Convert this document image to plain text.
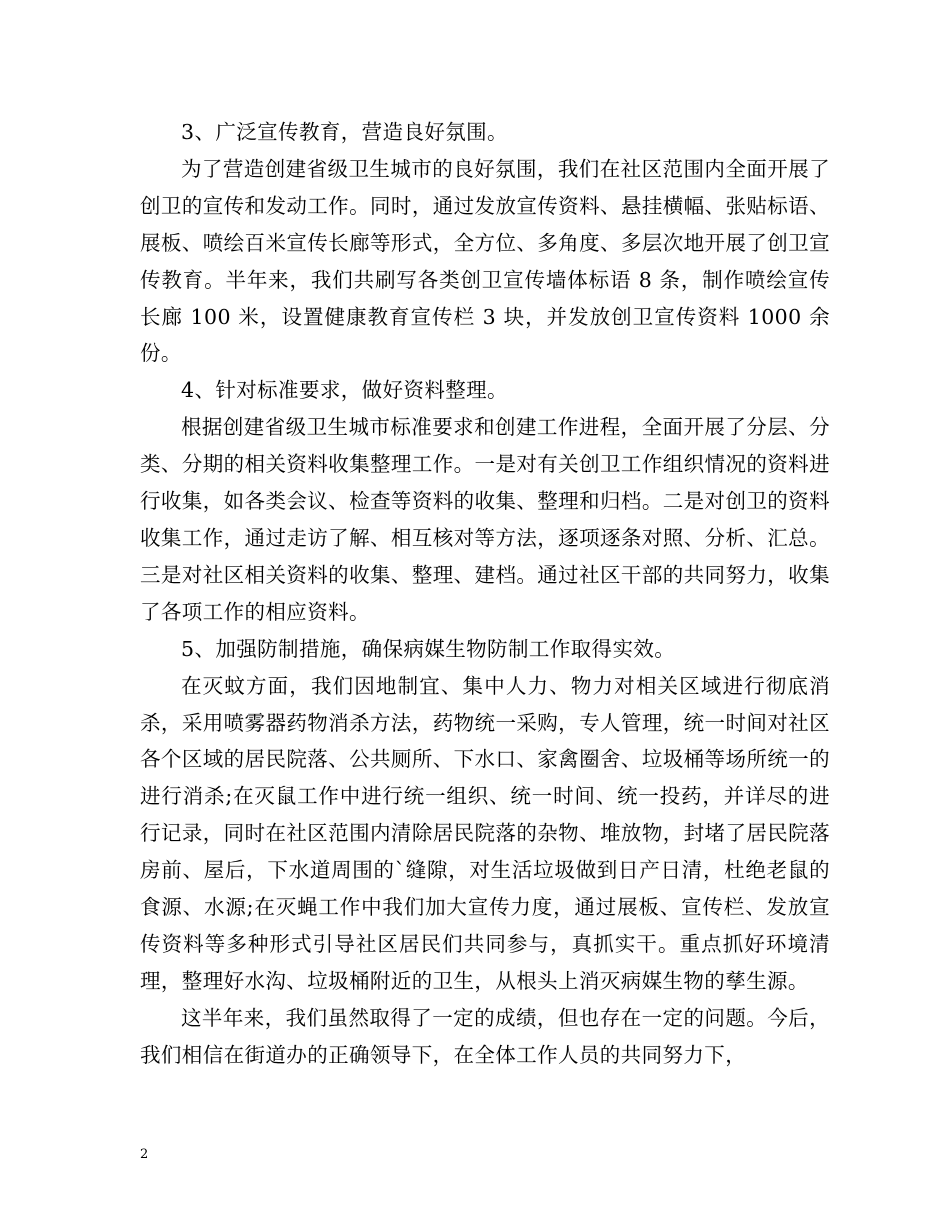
3、广泛宣传教育，营造良好氛围。

为了营造创建省级卫生城市的良好氛围，我们在社区范围内全面开展了创卫的宣传和发动工作。同时，通过发放宣传资料、悬挂横幅、张贴标语、展板、喷绘百米宣传长廊等形式，全方位、多角度、多层次地开展了创卫宣传教育。半年来，我们共刷写各类创卫宣传墙体标语 8 条，制作喷绘宣传长廊 100 米，设置健康教育宣传栏 3 块，并发放创卫宣传资料 1000 余份。

4、针对标准要求，做好资料整理。

根据创建省级卫生城市标准要求和创建工作进程，全面开展了分层、分类、分期的相关资料收集整理工作。一是对有关创卫工作组织情况的资料进行收集，如各类会议、检查等资料的收集、整理和归档。二是对创卫的资料收集工作，通过走访了解、相互核对等方法，逐项逐条对照、分析、汇总。三是对社区相关资料的收集、整理、建档。通过社区干部的共同努力，收集了各项工作的相应资料。

5、加强防制措施，确保病媒生物防制工作取得实效。

在灭蚊方面，我们因地制宜、集中人力、物力对相关区域进行彻底消杀，采用喷雾器药物消杀方法，药物统一采购，专人管理，统一时间对社区各个区域的居民院落、公共厕所、下水口、家禽圈舍、垃圾桶等场所统一的进行消杀;在灭鼠工作中进行统一组织、统一时间、统一投药，并详尽的进行记录，同时在社区范围内清除居民院落的杂物、堆放物，封堵了居民院落房前、屋后，下水道周围的`缝隙，对生活垃圾做到日产日清，杜绝老鼠的食源、水源;在灭蝇工作中我们加大宣传力度，通过展板、宣传栏、发放宣传资料等多种形式引导社区居民们共同参与，真抓实干。重点抓好环境清理，整理好水沟、垃圾桶附近的卫生，从根头上消灭病媒生物的孳生源。

这半年来，我们虽然取得了一定的成绩，但也存在一定的问题。今后，我们相信在街道办的正确领导下，在全体工作人员的共同努力下，

2
